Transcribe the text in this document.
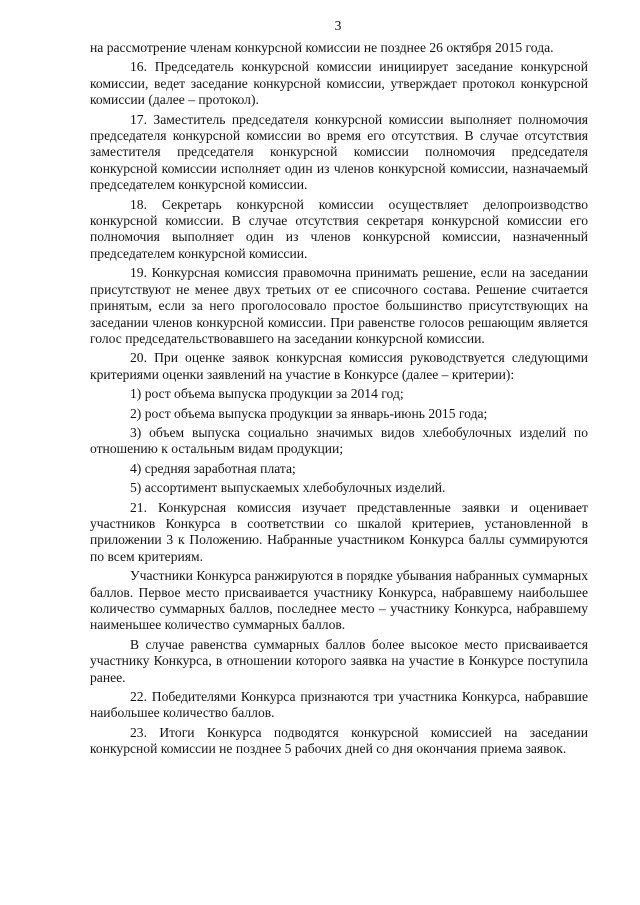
3

на рассмотрение членам конкурсной комиссии не позднее 26 октября 2015 года.

16. Председатель конкурсной комиссии инициирует заседание конкурсной комиссии, ведет заседание конкурсной комиссии, утверждает протокол конкурсной комиссии (далее – протокол).

17. Заместитель председателя конкурсной комиссии выполняет полномочия председателя конкурсной комиссии во время его отсутствия. В случае отсутствия заместителя председателя конкурсной комиссии полномочия председателя конкурсной комиссии исполняет один из членов конкурсной комиссии, назначаемый председателем конкурсной комиссии.

18. Секретарь конкурсной комиссии осуществляет делопроизводство конкурсной комиссии. В случае отсутствия секретаря конкурсной комиссии его полномочия выполняет один из членов конкурсной комиссии, назначенный председателем конкурсной комиссии.

19. Конкурсная комиссия правомочна принимать решение, если на заседании присутствуют не менее двух третьих от ее списочного состава. Решение считается принятым, если за него проголосовало простое большинство присутствующих на заседании членов конкурсной комиссии. При равенстве голосов решающим является голос председательствовавшего на заседании конкурсной комиссии.

20. При оценке заявок конкурсная комиссия руководствуется следующими критериями оценки заявлений на участие в Конкурсе (далее – критерии):

1) рост объема выпуска продукции за 2014 год;

2) рост объема выпуска продукции за январь-июнь 2015 года;

3) объем выпуска социально значимых видов хлебобулочных изделий по отношению к остальным видам продукции;

4) средняя заработная плата;

5) ассортимент выпускаемых хлебобулочных изделий.

21. Конкурсная комиссия изучает представленные заявки и оценивает участников Конкурса в соответствии со шкалой критериев, установленной в приложении 3 к Положению. Набранные участником Конкурса баллы суммируются по всем критериям.

Участники Конкурса ранжируются в порядке убывания набранных суммарных баллов. Первое место присваивается участнику Конкурса, набравшему наибольшее количество суммарных баллов, последнее место – участнику Конкурса, набравшему наименьшее количество суммарных баллов.

В случае равенства суммарных баллов более высокое место присваивается участнику Конкурса, в отношении которого заявка на участие в Конкурсе поступила ранее.

22. Победителями Конкурса признаются три участника Конкурса, набравшие наибольшее количество баллов.

23. Итоги Конкурса подводятся конкурсной комиссией на заседании конкурсной комиссии не позднее 5 рабочих дней со дня окончания приема заявок.
